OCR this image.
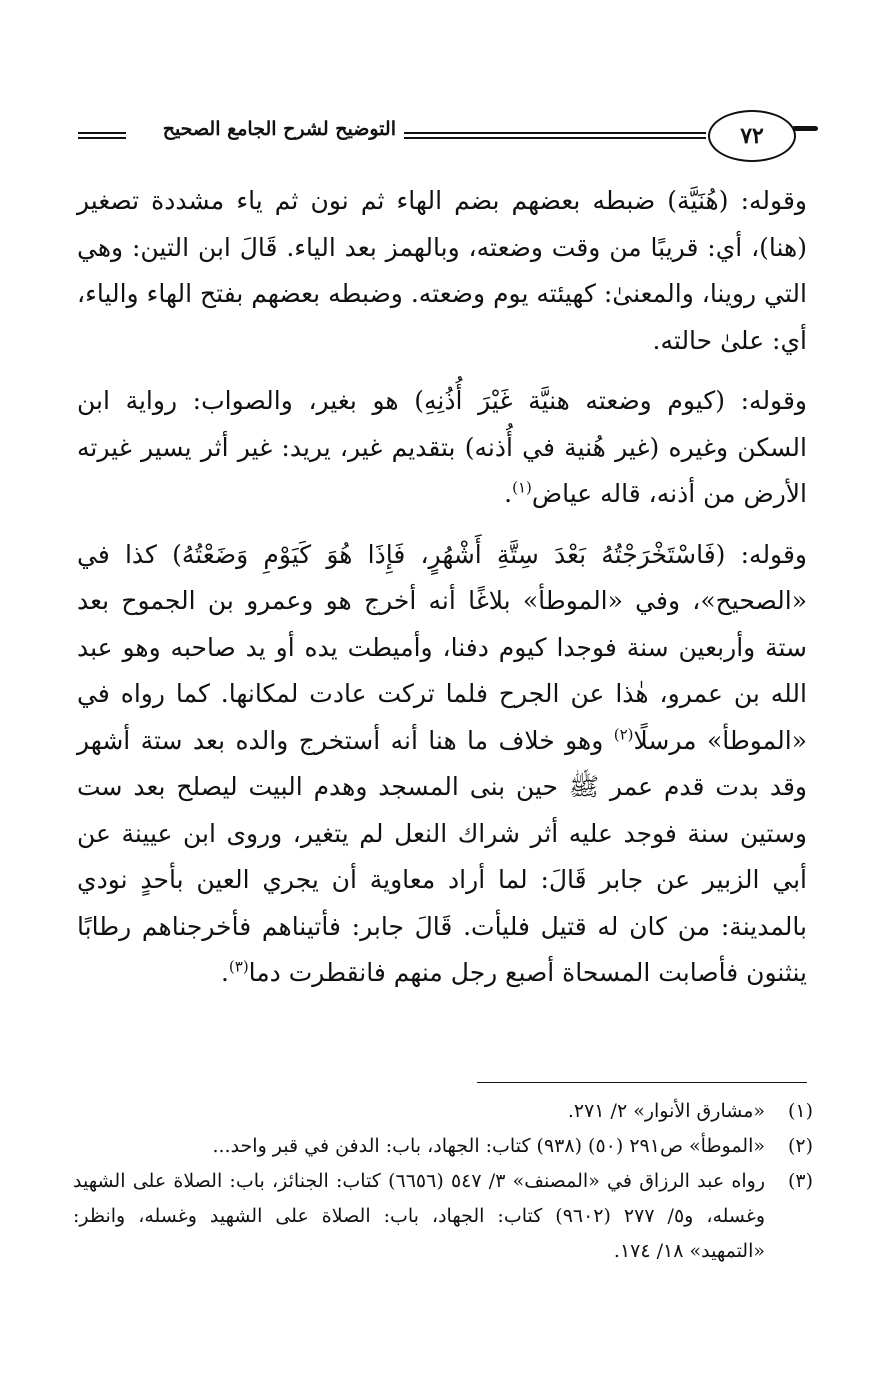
التوضيح لشرح الجامع الصحيح	٧٢

وقوله: (هُنَيَّة) ضبطه بعضهم بضم الهاء ثم نون ثم ياء مشددة تصغير (هنا)، أي: قريبًا من وقت وضعته، وبالهمز بعد الياء. قَالَ ابن التين: وهي التي روينا، والمعنىٰ: كهيئته يوم وضعته. وضبطه بعضهم بفتح الهاء والياء، أي: علىٰ حالته.

وقوله: (كيوم وضعته هنيَّة غَيْرَ أُذُنِهِ) هو بغير، والصواب: رواية ابن السكن وغيره (غير هُنية في أُذنه) بتقديم غير، يريد: غير أثر يسير غيرته الأرض من أذنه، قاله عياض$^{(١)}$.

وقوله: (فَاسْتَخْرَجْتُهُ بَعْدَ سِتَّةِ أَشْهُرٍ، فَإِذَا هُوَ كَيَوْمِ وَضَعْتُهُ) كذا في «الصحيح»، وفي «الموطأ» بلاغًا أنه أخرج هو وعمرو بن الجموح بعد ستة وأربعين سنة فوجدا كيوم دفنا، وأميطت يده أو يد صاحبه وهو عبد الله بن عمرو، هٰذا عن الجرح فلما تركت عادت لمكانها. كما رواه في «الموطأ» مرسلًا$^{(٢)}$ وهو خلاف ما هنا أنه أستخرج والده بعد ستة أشهر وقد بدت قدم عمر ﷺ حين بنى المسجد وهدم البيت ليصلح بعد ست وستين سنة فوجد عليه أثر شراك النعل لم يتغير، وروى ابن عيينة عن أبي الزبير عن جابر قَالَ: لما أراد معاوية أن يجري العين بأحدٍ نودي بالمدينة: من كان له قتيل فليأت. قَالَ جابر: فأتيناهم فأخرجناهم رطابًا ينثنون فأصابت المسحاة أصبع رجل منهم فانقطرت دما$^{(٣)}$.

(١)
«مشارق الأنوار» ٢/ ٢٧١.
(٢)
«الموطأ» ص٢٩١ (٥٠) (٩٣٨) كتاب: الجهاد، باب: الدفن في قبر واحد...
(٣)
رواه عبد الرزاق في «المصنف» ٣/ ٥٤٧ (٦٦٥٦) كتاب: الجنائز، باب: الصلاة على الشهيد وغسله، و٥/ ٢٧٧ (٩٦٠٢) كتاب: الجهاد، باب: الصلاة على الشهيد وغسله، وانظر: «التمهيد» ١٨/ ١٧٤.
